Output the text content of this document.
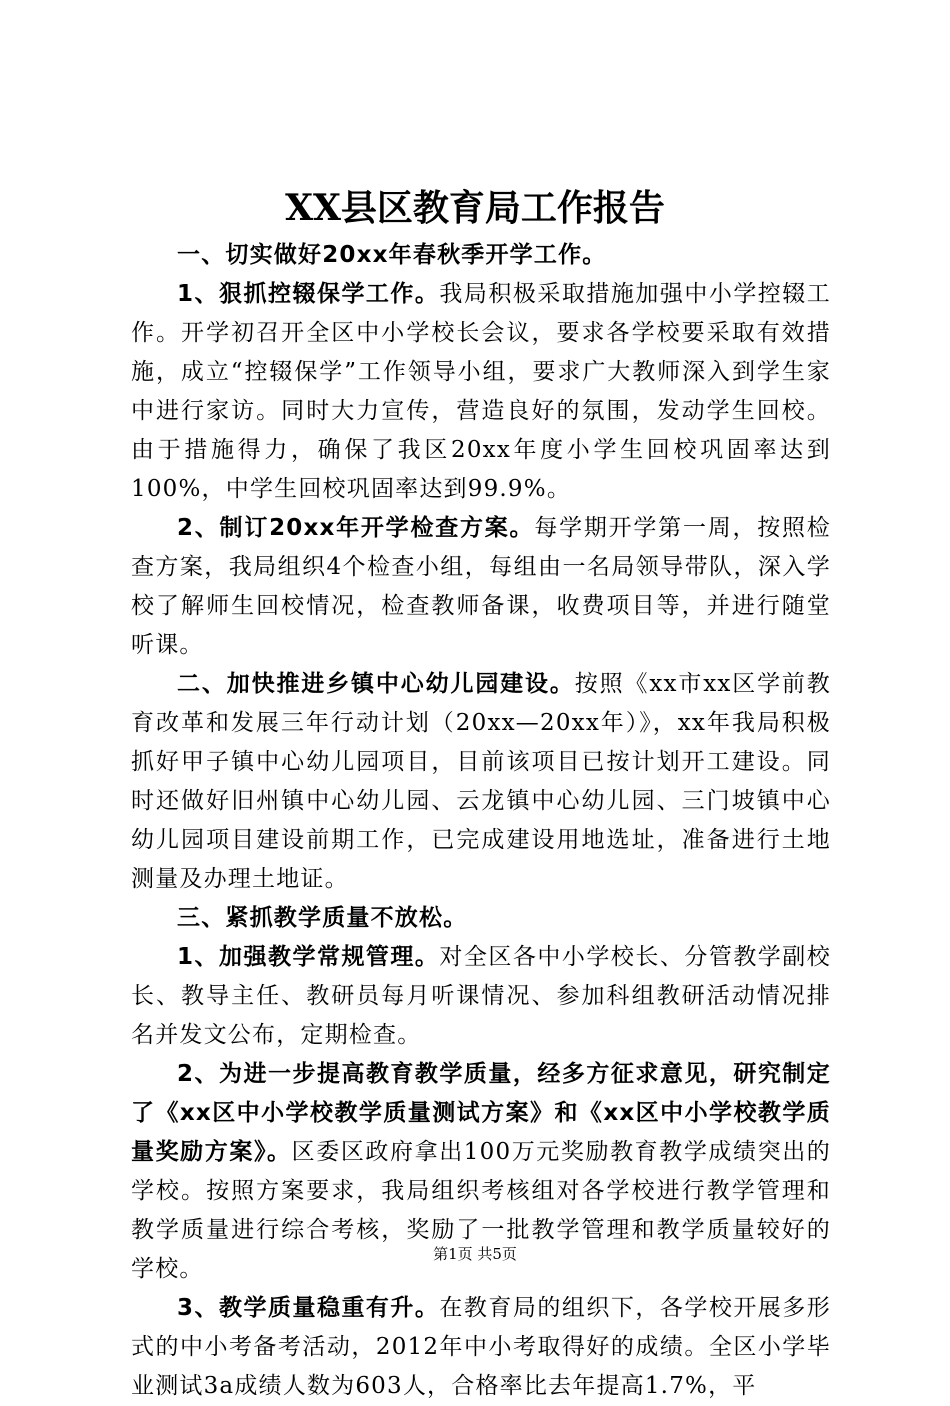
XX县区教育局工作报告

一、切实做好20xx年春秋季开学工作。

1、狠抓控辍保学工作。我局积极采取措施加强中小学控辍工作。开学初召开全区中小学校长会议，要求各学校要采取有效措施，成立“控辍保学”工作领导小组，要求广大教师深入到学生家中进行家访。同时大力宣传，营造良好的氛围，发动学生回校。由于措施得力，确保了我区20xx年度小学生回校巩固率达到100%，中学生回校巩固率达到99.9%。

2、制订20xx年开学检查方案。每学期开学第一周，按照检查方案，我局组织4个检查小组，每组由一名局领导带队，深入学校了解师生回校情况，检查教师备课，收费项目等，并进行随堂听课。

二、加快推进乡镇中心幼儿园建设。按照《xx市xx区学前教育改革和发展三年行动计划（20xx—20xx年）》，xx年我局积极抓好甲子镇中心幼儿园项目，目前该项目已按计划开工建设。同时还做好旧州镇中心幼儿园、云龙镇中心幼儿园、三门坡镇中心幼儿园项目建设前期工作，已完成建设用地选址，准备进行土地测量及办理土地证。

三、紧抓教学质量不放松。

1、加强教学常规管理。对全区各中小学校长、分管教学副校长、教导主任、教研员每月听课情况、参加科组教研活动情况排名并发文公布，定期检查。

2、为进一步提高教育教学质量，经多方征求意见，研究制定了《xx区中小学校教学质量测试方案》和《xx区中小学校教学质量奖励方案》。区委区政府拿出100万元奖励教育教学成绩突出的学校。按照方案要求，我局组织考核组对各学校进行教学管理和教学质量进行综合考核，奖励了一批教学管理和教学质量较好的学校。

3、教学质量稳重有升。在教育局的组织下，各学校开展多形式的中小考备考活动，2012年中小考取得好的成绩。全区小学毕业测试3a成绩人数为603人，合格率比去年提高1.7%，平

第1页 共5页
